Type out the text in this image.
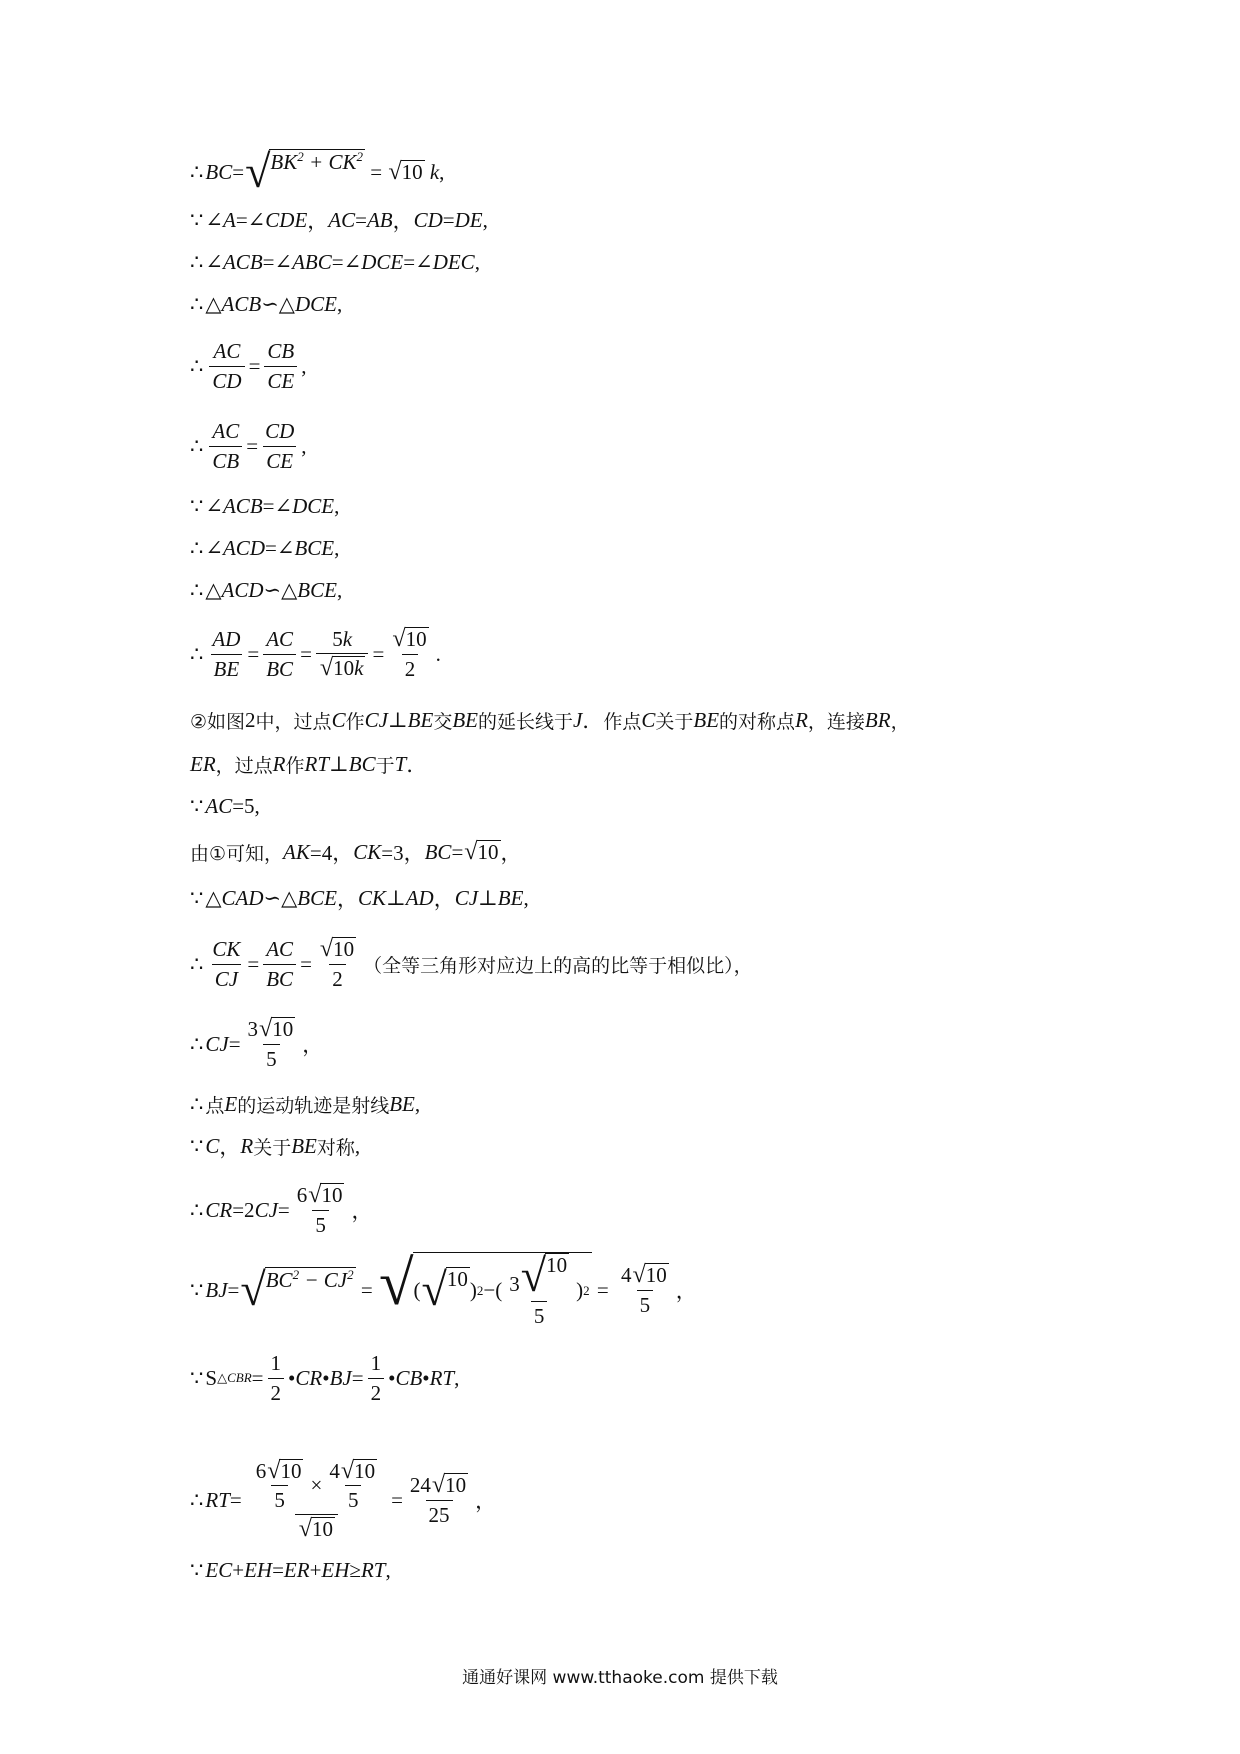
∴ BC = √ $BK^2 + CK^2$
= √ 10
k ,
∵ ∠ A =∠ CDE ， AC = AB ， CD = DE ,
∴ ∠ ACB =∠ ABC =∠ DCE =∠ DEC ,
∴ △ ACB ∽△ DCE ,
∴ $\frac{AC}{CD} = \frac{CB}{CE}$ ,
∴ $\frac{AC}{CB} = \frac{CD}{CE}$ ,
∵ ∠ ACB =∠ DCE ,
∴ ∠ ACD =∠ BCE ,
∴ △ ACD ∽△ BCE ,
∴ $\frac{AD}{BE} = \frac{AC}{BC} = \frac{5k}{√ 10k} = \frac{√ 10}{2}$ .
②如图 2 中，过点 C 作 CJ ⊥ BE 交 BE 的延长线于 J ． 作点 C 关于 BE 的对称点 R ，连接 BR ，
ER ，过点 R 作 RT ⊥ BC 于 T ．
∵ AC =5,
由①可知， AK =4， CK =3， BC = √ 10 ，
∵ △ CAD ∽△ BCE ， CK ⊥ AD ， CJ ⊥ BE ,
∴ $\frac{CK}{CJ} = \frac{AC}{BC} = \frac{√ 10}{2}$ （全等三角形对应边上的高的比等于相似比），
∴ CJ = $\frac{3 √ 10}{5}$ ，
∴ 点 E 的运动轨迹是射线 BE ,
∵ C ， R 关于 BE 对称 ,
∴ CR =2 CJ = $\frac{6 √ 10}{5}$ ，
∵ BJ = √ $BC^2 - CJ^2$
= √ ( √ 10 ) 2 −( $\frac{3 √ 10}{5}$ ) $2 = \frac{4 √ 10}{5}$ ，
∵ S △CBR = $\frac{1}{2}$ • CR • BJ = $\frac{1}{2}$ • CB • RT ,
∴ RT = $\frac{\frac{6 √ 10}{5} \times \frac{4 √ 10}{5}}{√ 10} = \frac{24 √ 10}{25}$ ，
∵ EC + EH = ER + EH ≥ RT ,
通通好课网 www.tthaoke.com 提供下载
